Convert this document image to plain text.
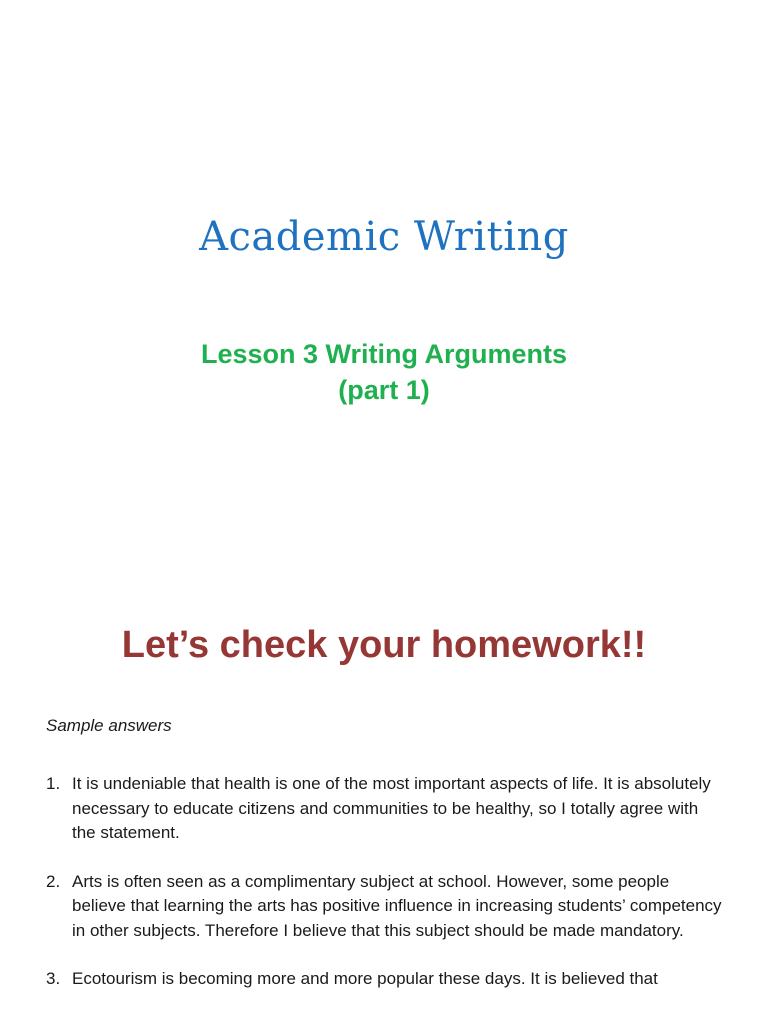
Academic Writing
Lesson 3 Writing Arguments
(part 1)
Let’s check your homework!!

Sample answers

1. It is undeniable that health is one of the most important aspects of life. It is absolutely necessary to educate citizens and communities to be healthy, so I totally agree with the statement.
2. Arts is often seen as a complimentary subject at school. However, some people believe that learning the arts has positive influence in increasing students’ competency in other subjects. Therefore I believe that this subject should be made mandatory.
3. Ecotourism is becoming more and more popular these days. It is believed that
